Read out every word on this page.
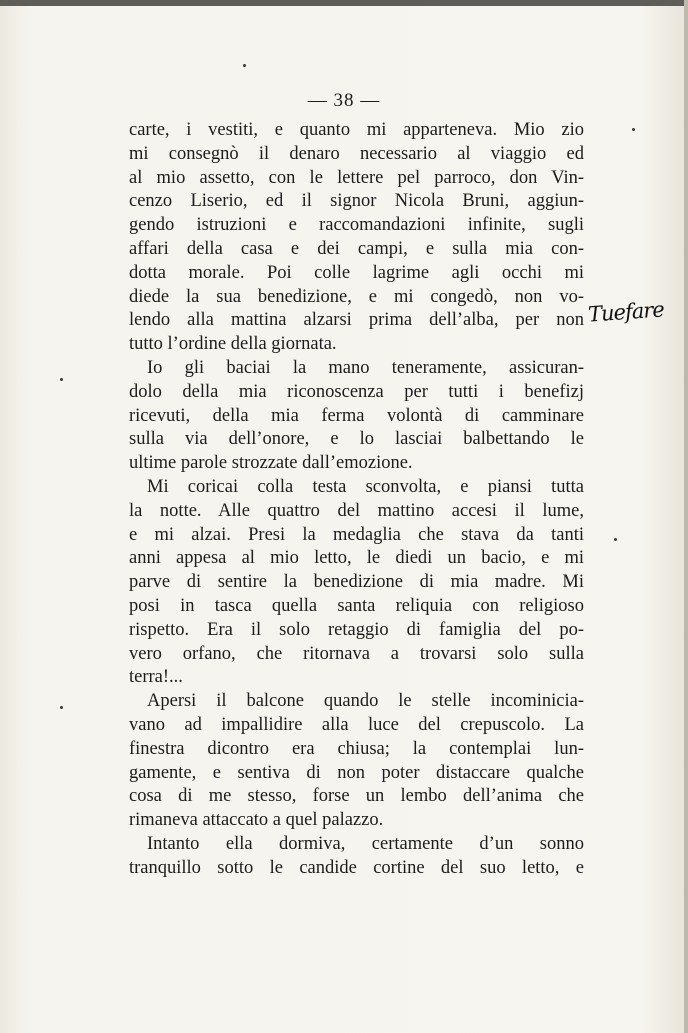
— 38 —
carte, i vestiti, e quanto mi apparteneva. Mio zio
mi consegnò il denaro necessario al viaggio ed
al mio assetto, con le lettere pel parroco, don Vin-
cenzo Liserio, ed il signor Nicola Bruni, aggiun-
gendo istruzioni e raccomandazioni infinite, sugli
affari della casa e dei campi, e sulla mia con-
dotta morale. Poi colle lagrime agli occhi mi
diede la sua benedizione, e mi congedò, non vo-
lendo alla mattina alzarsi prima dell’alba, per non
tutto l’ordine della giornata.
Io gli baciai la mano teneramente, assicuran-
dolo della mia riconoscenza per tutti i benefizj
ricevuti, della mia ferma volontà di camminare
sulla via dell’onore, e lo lasciai balbettando le
ultime parole strozzate dall’emozione.
Mi coricai colla testa sconvolta, e piansi tutta
la notte. Alle quattro del mattino accesi il lume,
e mi alzai. Presi la medaglia che stava da tanti
anni appesa al mio letto, le diedi un bacio, e mi
parve di sentire la benedizione di mia madre. Mi
posi in tasca quella santa reliquia con religioso
rispetto. Era il solo retaggio di famiglia del po-
vero orfano, che ritornava a trovarsi solo sulla
terra!...
Apersi il balcone quando le stelle incominicia-
vano ad impallidire alla luce del crepuscolo. La
finestra dicontro era chiusa; la contemplai lun-
gamente, e sentiva di non poter distaccare qualche
cosa di me stesso, forse un lembo dell’anima che
rimaneva attaccato a quel palazzo.
Intanto ella dormiva, certamente d’un sonno
tranquillo sotto le candide cortine del suo letto, e
Tuefare
